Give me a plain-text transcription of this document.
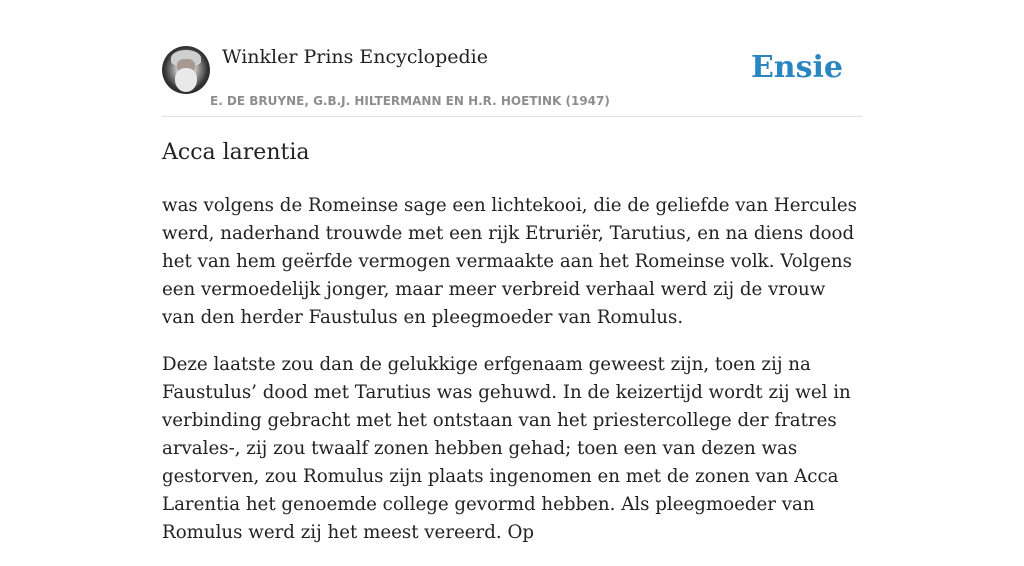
Winkler Prins Encyclopedie	Ensie
E. DE BRUYNE, G.B.J. HILTERMANN EN H.R. HOETINK (1947)
Acca larentia

was volgens de Romeinse sage een lichtekooi, die de geliefde van Hercules werd, naderhand trouwde met een rijk Etruriër, Tarutius, en na diens dood het van hem geërfde vermogen vermaakte aan het Romeinse volk. Volgens een vermoedelijk jonger, maar meer verbreid verhaal werd zij de vrouw van den herder Faustulus en pleegmoeder van Romulus.

Deze laatste zou dan de gelukkige erfgenaam geweest zijn, toen zij na Faustulus’ dood met Tarutius was gehuwd. In de keizertijd wordt zij wel in verbinding gebracht met het ontstaan van het priestercollege der fratres arvales-, zij zou twaalf zonen hebben gehad; toen een van dezen was gestorven, zou Romulus zijn plaats ingenomen en met de zonen van Acca Larentia het genoemde college gevormd hebben. Als pleegmoeder van Romulus werd zij het meest vereerd. Op
